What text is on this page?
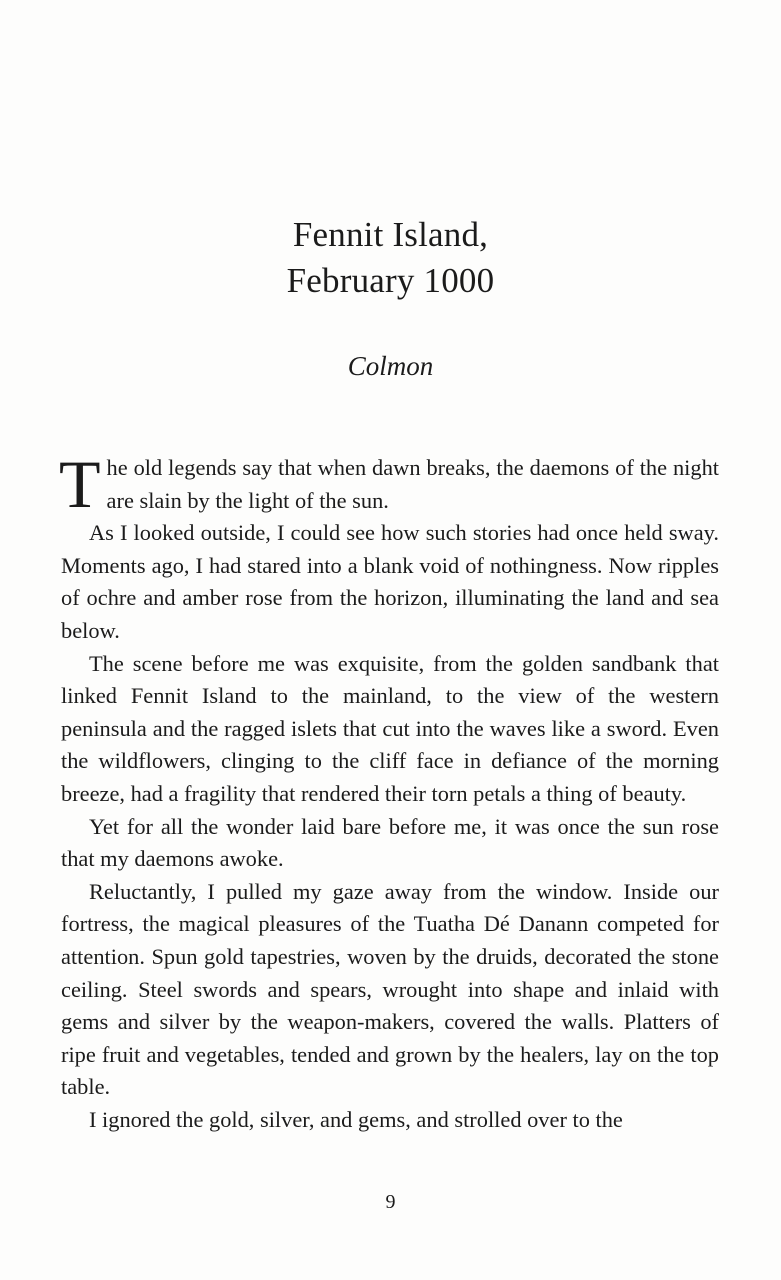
Fennit Island,
February 1000
Colmon

The old legends say that when dawn breaks, the daemons of the night are slain by the light of the sun.

As I looked outside, I could see how such stories had once held sway. Moments ago, I had stared into a blank void of nothingness. Now ripples of ochre and amber rose from the horizon, illuminating the land and sea below.

The scene before me was exquisite, from the golden sandbank that linked Fennit Island to the mainland, to the view of the western peninsula and the ragged islets that cut into the waves like a sword. Even the wildflowers, clinging to the cliff face in defiance of the morning breeze, had a fragility that rendered their torn petals a thing of beauty.

Yet for all the wonder laid bare before me, it was once the sun rose that my daemons awoke.

Reluctantly, I pulled my gaze away from the window. Inside our fortress, the magical pleasures of the Tuatha Dé Danann competed for attention. Spun gold tapestries, woven by the druids, decorated the stone ceiling. Steel swords and spears, wrought into shape and inlaid with gems and silver by the weapon-makers, covered the walls. Platters of ripe fruit and vegetables, tended and grown by the healers, lay on the top table.

I ignored the gold, silver, and gems, and strolled over to the

9
